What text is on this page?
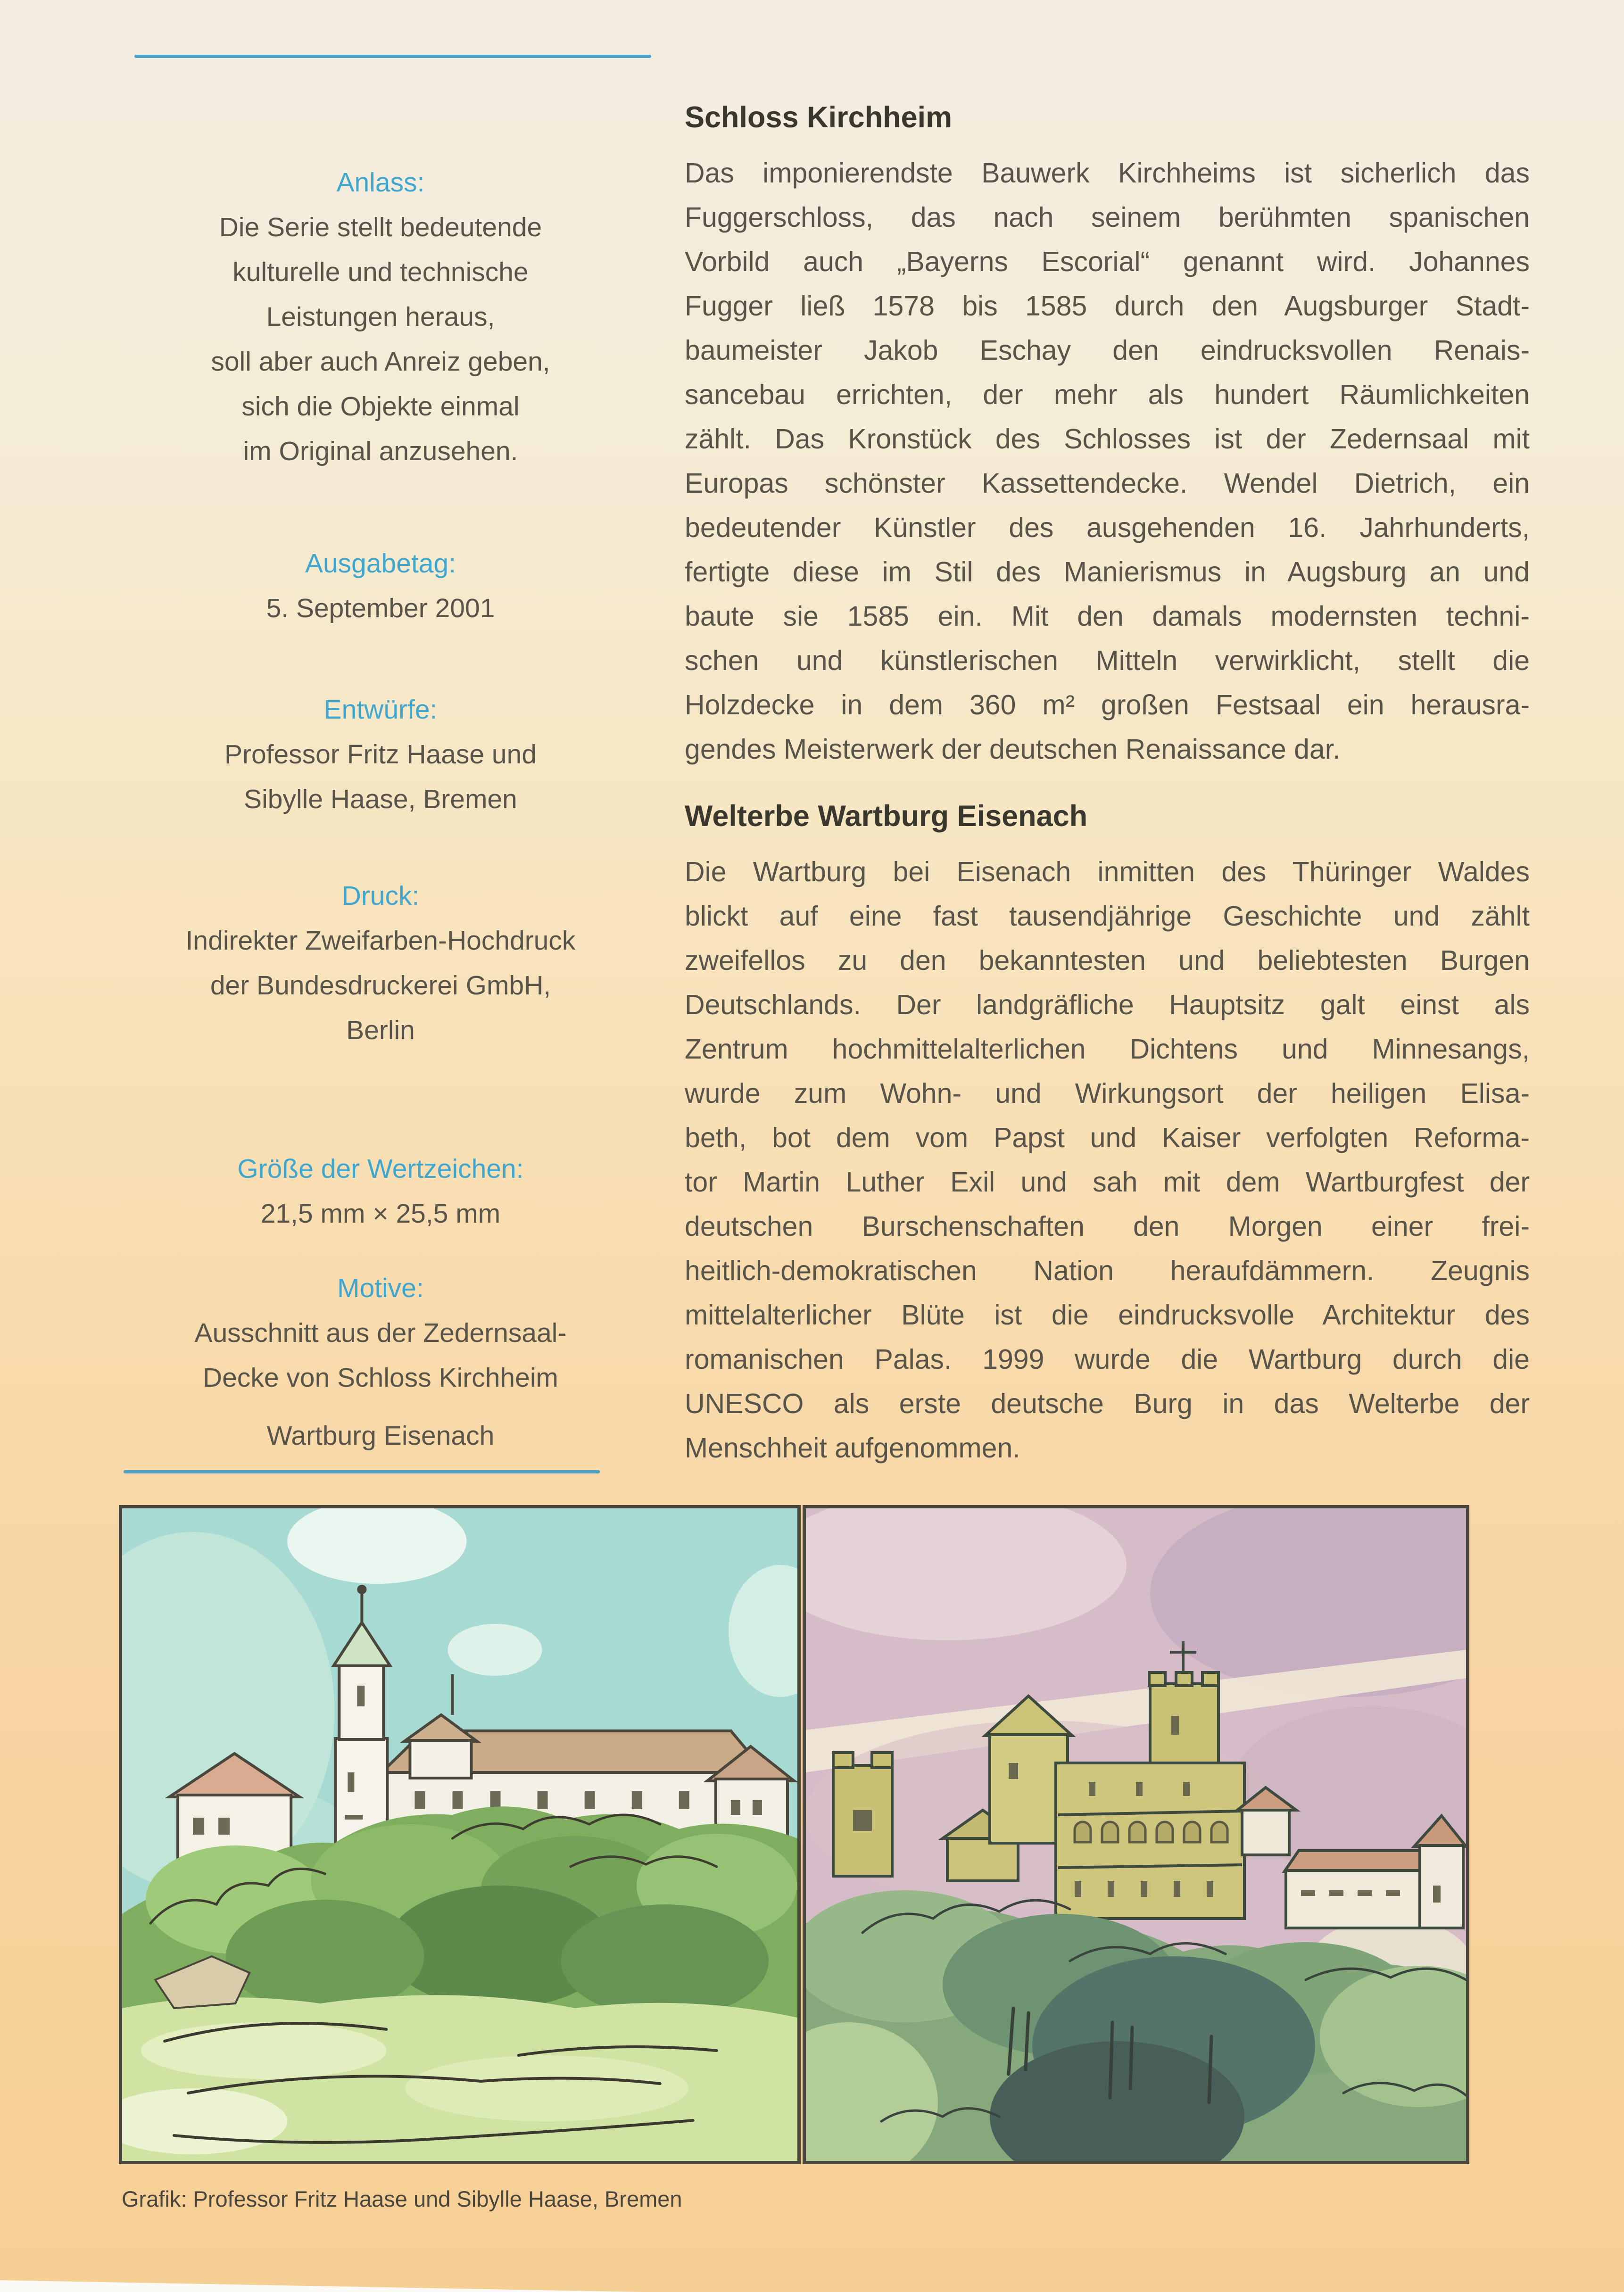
Anlass:
Die Serie stellt bedeutende
kulturelle und technische
Leistungen heraus,
soll aber auch Anreiz geben,
sich die Objekte einmal
im Original anzusehen.
Ausgabetag:
5. September 2001
Entwürfe:
Professor Fritz Haase und
Sibylle Haase, Bremen
Druck:
Indirekter Zweifarben-Hochdruck
der Bundesdruckerei GmbH,
Berlin
Größe der Wertzeichen:
21,5 mm × 25,5 mm
Motive:
Ausschnitt aus der Zedernsaal-
Decke von Schloss Kirchheim
Wartburg Eisenach
Schloss Kirchheim
Das imponierendste Bauwerk Kirchheims ist sicherlich das
Fuggerschloss, das nach seinem berühmten spanischen
Vorbild auch „Bayerns Escorial“ genannt wird. Johannes
Fugger ließ 1578 bis 1585 durch den Augsburger Stadt-
baumeister Jakob Eschay den eindrucksvollen Renais-
sancebau errichten, der mehr als hundert Räumlichkeiten
zählt. Das Kronstück des Schlosses ist der Zedernsaal mit
Europas schönster Kassettendecke. Wendel Dietrich, ein
bedeutender Künstler des ausgehenden 16. Jahrhunderts,
fertigte diese im Stil des Manierismus in Augsburg an und
baute sie 1585 ein. Mit den damals modernsten techni-
schen und künstlerischen Mitteln verwirklicht, stellt die
Holzdecke in dem 360 m² großen Festsaal ein herausra-
gendes Meisterwerk der deutschen Renaissance dar.
Welterbe Wartburg Eisenach
Die Wartburg bei Eisenach inmitten des Thüringer Waldes
blickt auf eine fast tausendjährige Geschichte und zählt
zweifellos zu den bekanntesten und beliebtesten Burgen
Deutschlands. Der landgräfliche Hauptsitz galt einst als
Zentrum hochmittelalterlichen Dichtens und Minnesangs,
wurde zum Wohn- und Wirkungsort der heiligen Elisa-
beth, bot dem vom Papst und Kaiser verfolgten Reforma-
tor Martin Luther Exil und sah mit dem Wartburgfest der
deutschen Burschenschaften den Morgen einer frei-
heitlich-demokratischen Nation heraufdämmern. Zeugnis
mittelalterlicher Blüte ist die eindrucksvolle Architektur des
romanischen Palas. 1999 wurde die Wartburg durch die
UNESCO als erste deutsche Burg in das Welterbe der
Menschheit aufgenommen.
Grafik: Professor Fritz Haase und Sibylle Haase, Bremen
